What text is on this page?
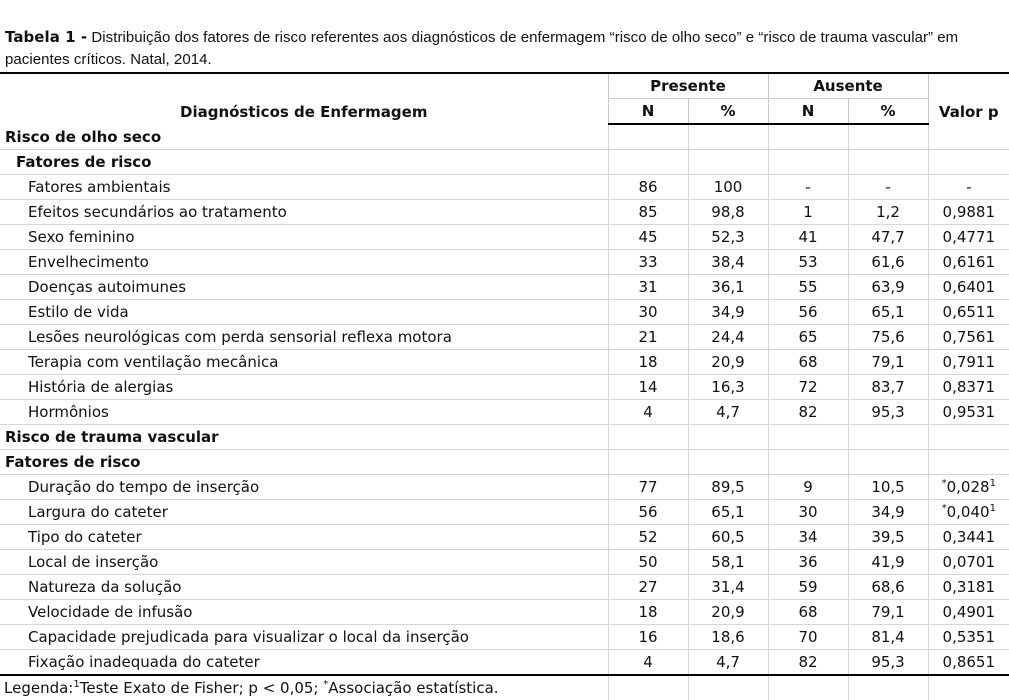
Tabela 1 - Distribuição dos fatores de risco referentes aos diagnósticos de enfermagem “risco de olho seco” e “risco de trauma vascular” em pacientes críticos. Natal, 2014.
Diagnósticos de Enfermagem	Presente		Ausente		Valor p
	N	%	N	%	
Risco de olho seco					
Fatores de risco					
Fatores ambientais	86	100	-	-	-
Efeitos secundários ao tratamento	85	98,8	1	1,2	0,9881
Sexo feminino	45	52,3	41	47,7	0,4771
Envelhecimento	33	38,4	53	61,6	0,6161
Doenças autoimunes	31	36,1	55	63,9	0,6401
Estilo de vida	30	34,9	56	65,1	0,6511
Lesões neurológicas com perda sensorial reflexa motora	21	24,4	65	75,6	0,7561
Terapia com ventilação mecânica	18	20,9	68	79,1	0,7911
História de alergias	14	16,3	72	83,7	0,8371
Hormônios	4	4,7	82	95,3	0,9531
Risco de trauma vascular					
Fatores de risco					
Duração do tempo de inserção	77	89,5	9	10,5	*0,028$^1$
Largura do cateter	56	65,1	30	34,9	*0,040$^1$
Tipo do cateter	52	60,5	34	39,5	0,3441
Local de inserção	50	58,1	36	41,9	0,0701
Natureza da solução	27	31,4	59	68,6	0,3181
Velocidade de infusão	18	20,9	68	79,1	0,4901
Capacidade prejudicada para visualizar o local da inserção	16	18,6	70	81,4	0,5351
Fixação inadequada do cateter	4	4,7	82	95,3	0,8651
Legenda:$^1$Teste Exato de Fisher; p < 0,05; *Associação estatística.					
